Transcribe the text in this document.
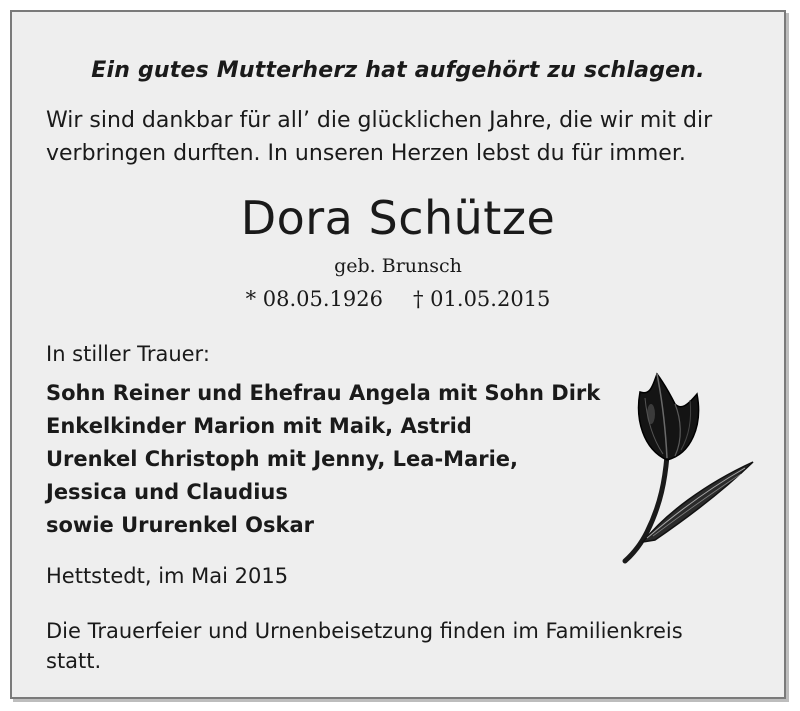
Ein gutes Mutterherz hat aufgehört zu schlagen.
Wir sind dankbar für all’ die glücklichen Jahre, die wir mit dir
verbringen durften. In unseren Herzen lebst du für immer.
Dora Schütze
geb. Brunsch
* 08.05.1926 † 01.05.2015
In stiller Trauer:
Sohn Reiner und Ehefrau Angela mit Sohn Dirk
Enkelkinder Marion mit Maik, Astrid
Urenkel Christoph mit Jenny, Lea-Marie,
Jessica und Claudius
sowie Ururenkel Oskar
Hettstedt, im Mai 2015
Die Trauerfeier und Urnenbeisetzung finden im Familienkreis
statt.
